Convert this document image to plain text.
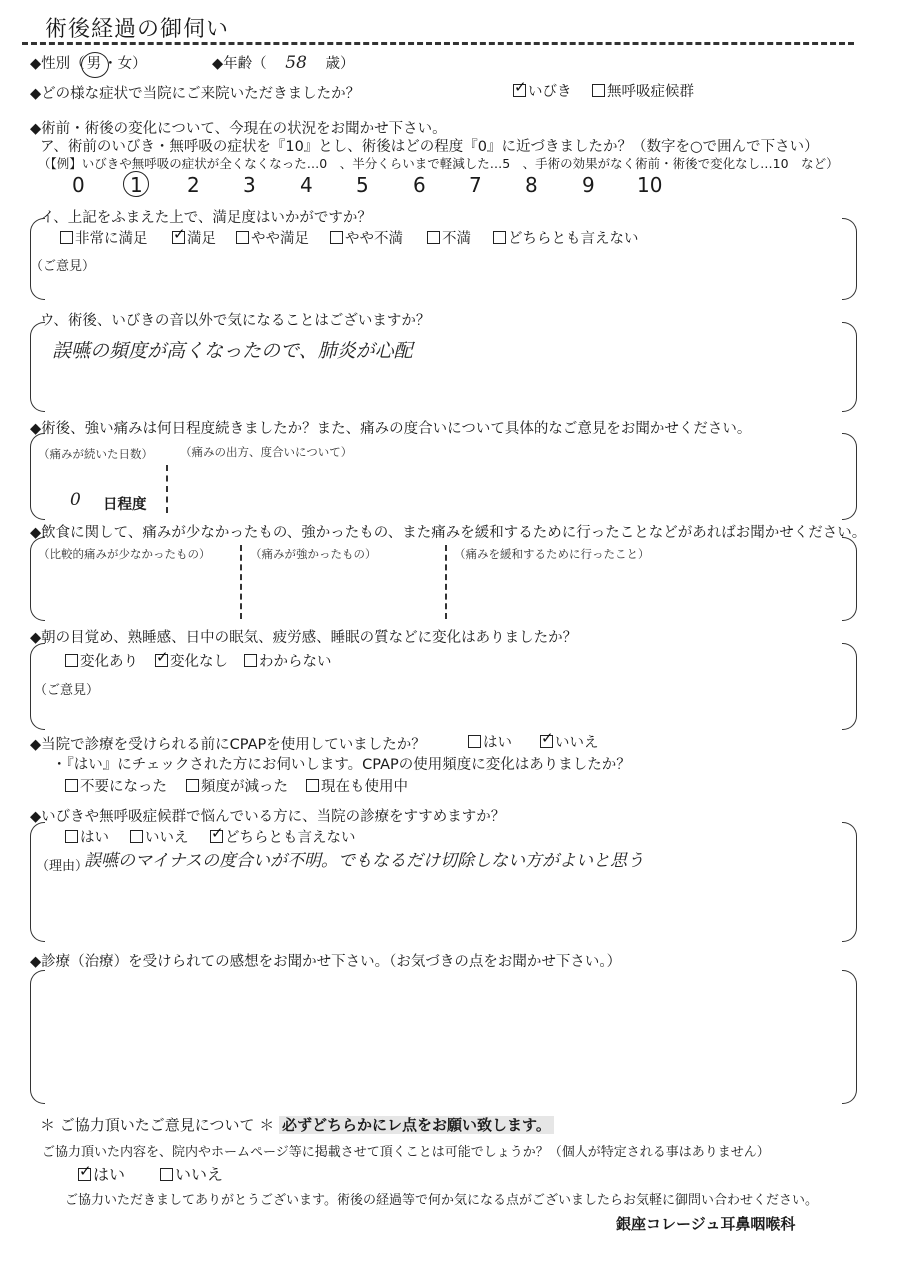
術後経過の御伺い
◆性別（ 男 ・女）	◆年齢（ 58 歳）
◆どの様な症状で当院にご来院いただきましたか？ ✓	いびき	無呼吸症候群
◆術前・術後の変化について、今現在の状況をお聞かせ下さい。
ア、術前のいびき・無呼吸の症状を『10』とし、術後はどの程度『0』に近づきましたか？（数字を○で囲んで下さい）
（【例】いびきや無呼吸の症状が全くなくなった…0　、半分くらいまで軽減した…5　、手術の効果がなく術前・術後で変化なし…10　など）
0 1 2 3 4 5 6 7 8 9 10
イ、上記をふまえた上で、満足度はいかがですか？
非常に満足 ✓	満足	やや満足	やや不満	不満	どちらとも言えない
（ご意見）
ウ、術後、いびきの音以外で気になることはございますか？
誤嚥の頻度が高くなったので、肺炎が心配
◆術後、強い痛みは何日程度続きましたか？また、痛みの度合いについて具体的なご意見をお聞かせください。
（痛みが続いた日数） （痛みの出方、度合いについて）
0 日程度
◆飲食に関して、痛みが少なかったもの、強かったもの、また痛みを緩和するために行ったことなどがあればお聞かせください。
（比較的痛みが少なかったもの）	（痛みが強かったもの）	（痛みを緩和するために行ったこと）
◆朝の目覚め、熟睡感、日中の眠気、疲労感、睡眠の質などに変化はありましたか？
変化あり ✓	変化なし	わからない
（ご意見）
◆当院で診療を受けられる前にCPAPを使用していましたか？	はい ✓	いいえ
・『はい』にチェックされた方にお伺いします。CPAPの使用頻度に変化はありましたか？
不要になった	頻度が減った	現在も使用中
◆いびきや無呼吸症候群で悩んでいる方に、当院の診療をすすめますか？
はい	いいえ ✓	どちらとも言えない
（理由）
誤嚥のマイナスの度合いが不明。でもなるだけ切除しない方がよいと思う
◆診療（治療）を受けられての感想をお聞かせ下さい。（お気づきの点をお聞かせ下さい。）
＊ ご協力頂いたご意見について ＊ 必ずどちらかにレ点をお願い致します。
ご協力頂いた内容を、院内やホームページ等に掲載させて頂くことは可能でしょうか？（個人が特定される事はありません）
✓はい	いいえ
ご協力いただきましてありがとうございます。術後の経過等で何か気になる点がございましたらお気軽に御問い合わせください。
銀座コレージュ耳鼻咽喉科
